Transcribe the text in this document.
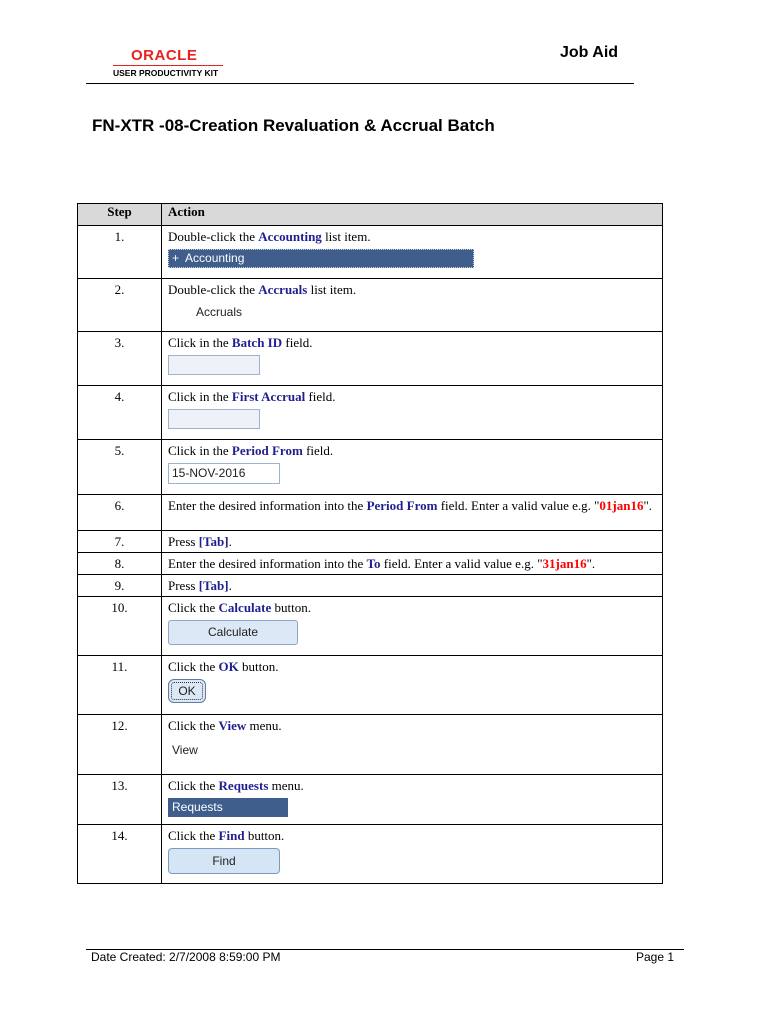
ORACLE
USER PRODUCTIVITY KIT
Job Aid
FN-XTR -08-Creation Revaluation & Accrual Batch
Step	Action
1.	Double-click the Accounting list item.
+  Accounting

2.	Double-click the Accruals list item.
Accruals

3.	Click in the Batch ID field.

4.	Click in the First Accrual field.

5.	Click in the Period From field.
15-NOV-2016

6.	Enter the desired information into the Period From field. Enter a valid value e.g. "01jan16".
7.	Press [Tab].
8.	Enter the desired information into the To field. Enter a valid value e.g. "31jan16".
9.	Press [Tab].
10.	Click the Calculate button.
Calculate

11.	Click the OK button.
OK

12.	Click the View menu.
View

13.	Click the Requests menu.
Requests

14.	Click the Find button.
Find
Date Created: 2/7/2008 8:59:00 PM	Page 1
